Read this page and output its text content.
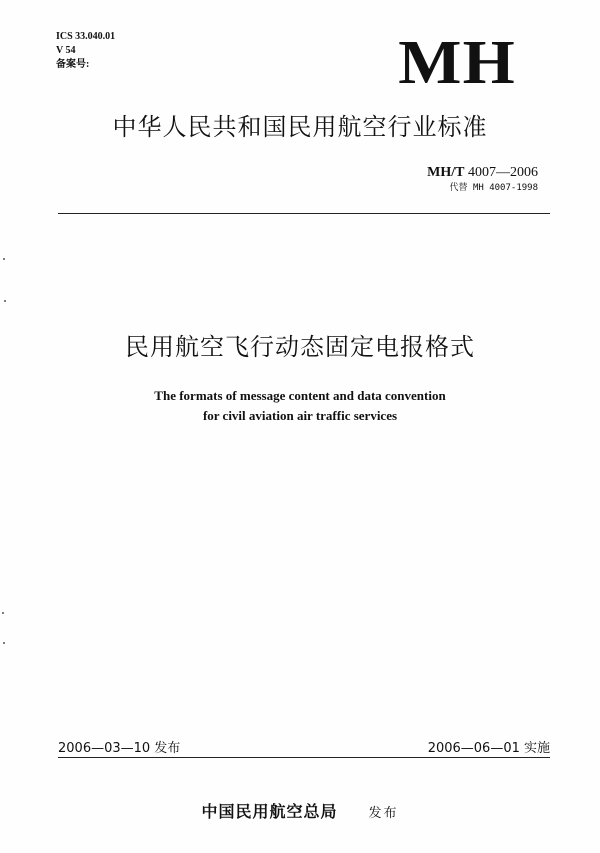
ICS 33.040.01
V 54
备案号:	MH
中华人民共和国民用航空行业标准
MH/T 4007—2006
代替 MH 4007-1998
民用航空飞行动态固定电报格式
The formats of message content and data convention
for civil aviation air traffic services
2006—03—10 发布	2006—06—01 实施
中国民用航空总局 发布
